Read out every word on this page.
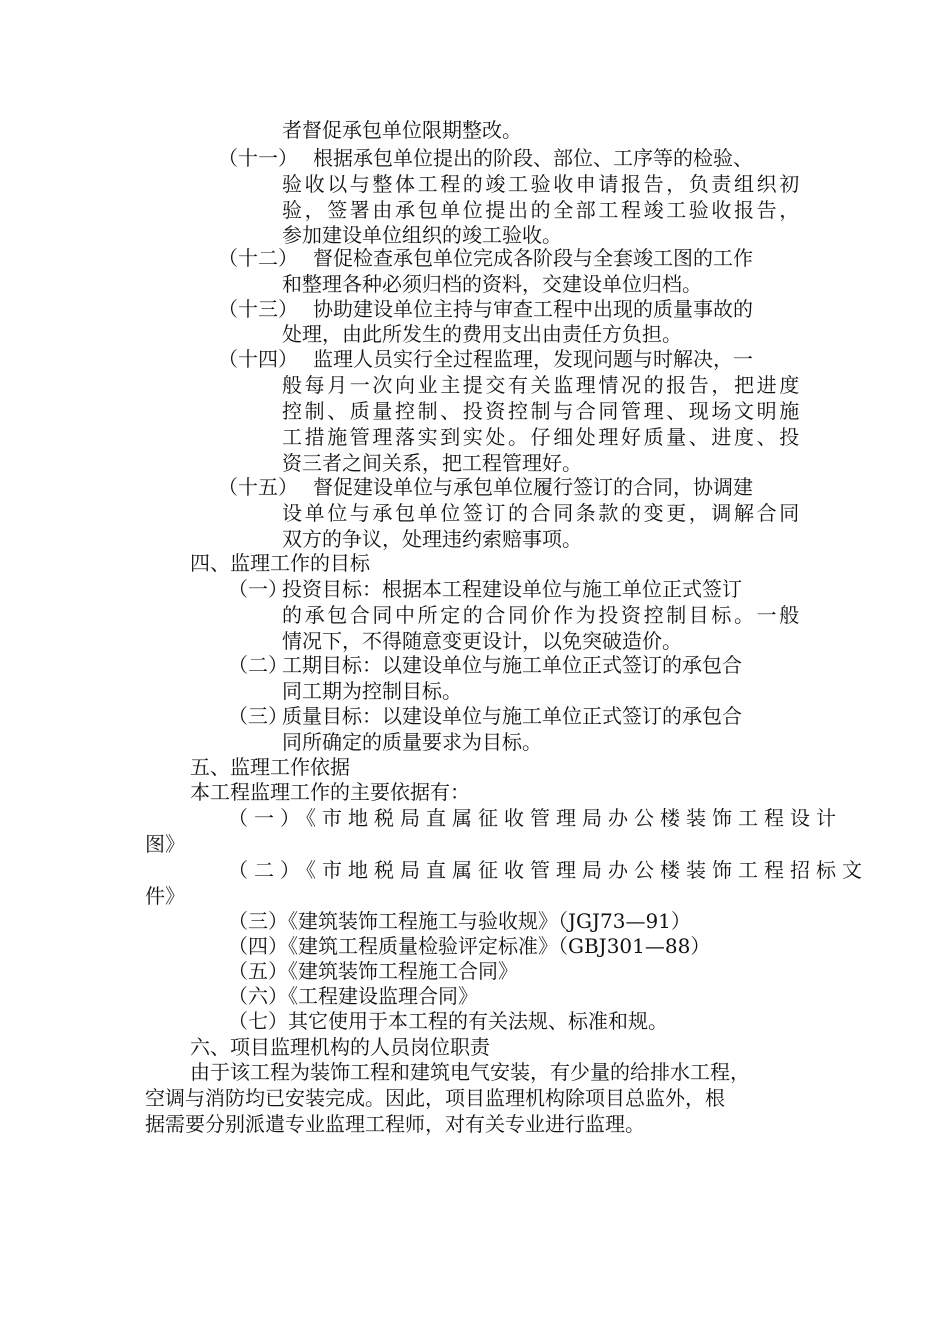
者督促承包单位限期整改。
（十一） 根据承包单位提出的阶段、部位、工序等的检验、
验收以与整体工程的竣工验收申请报告，负责组织初
验，签署由承包单位提出的全部工程竣工验收报告，
参加建设单位组织的竣工验收。
（十二） 督促检查承包单位完成各阶段与全套竣工图的工作
和整理各种必须归档的资料，交建设单位归档。
（十三） 协助建设单位主持与审查工程中出现的质量事故的
处理，由此所发生的费用支出由责任方负担。
（十四） 监理人员实行全过程监理，发现问题与时解决，一
般每月一次向业主提交有关监理情况的报告，把进度
控制、质量控制、投资控制与合同管理、现场文明施
工措施管理落实到实处。仔细处理好质量、进度、投
资三者之间关系，把工程管理好。
（十五） 督促建设单位与承包单位履行签订的合同，协调建
设单位与承包单位签订的合同条款的变更，调解合同
双方的争议，处理违约索赔事项。
四、监理工作的目标
（一）投资目标：根据本工程建设单位与施工单位正式签订
的承包合同中所定的合同价作为投资控制目标。一般
情况下，不得随意变更设计，以免突破造价。
（二）工期目标：以建设单位与施工单位正式签订的承包合
同工期为控制目标。
（三）质量目标：以建设单位与施工单位正式签订的承包合
同所确定的质量要求为目标。
五、监理工作依据
本工程监理工作的主要依据有：
（一）《市地税局直属征收管理局办公楼装饰工程设计
图》
（二）《市地税局直属征收管理局办公楼装饰工程招标文
件》
（三）《建筑装饰工程施工与验收规》（JGJ73—91）
（四）《建筑工程质量检验评定标准》（GBJ301—88）
（五）《建筑装饰工程施工合同》
（六）《工程建设监理合同》
（七）其它使用于本工程的有关法规、标准和规。
六、项目监理机构的人员岗位职责
由于该工程为装饰工程和建筑电气安装，有少量的给排水工程，
空调与消防均已安装完成。因此，项目监理机构除项目总监外，根
据需要分别派遣专业监理工程师，对有关专业进行监理。
